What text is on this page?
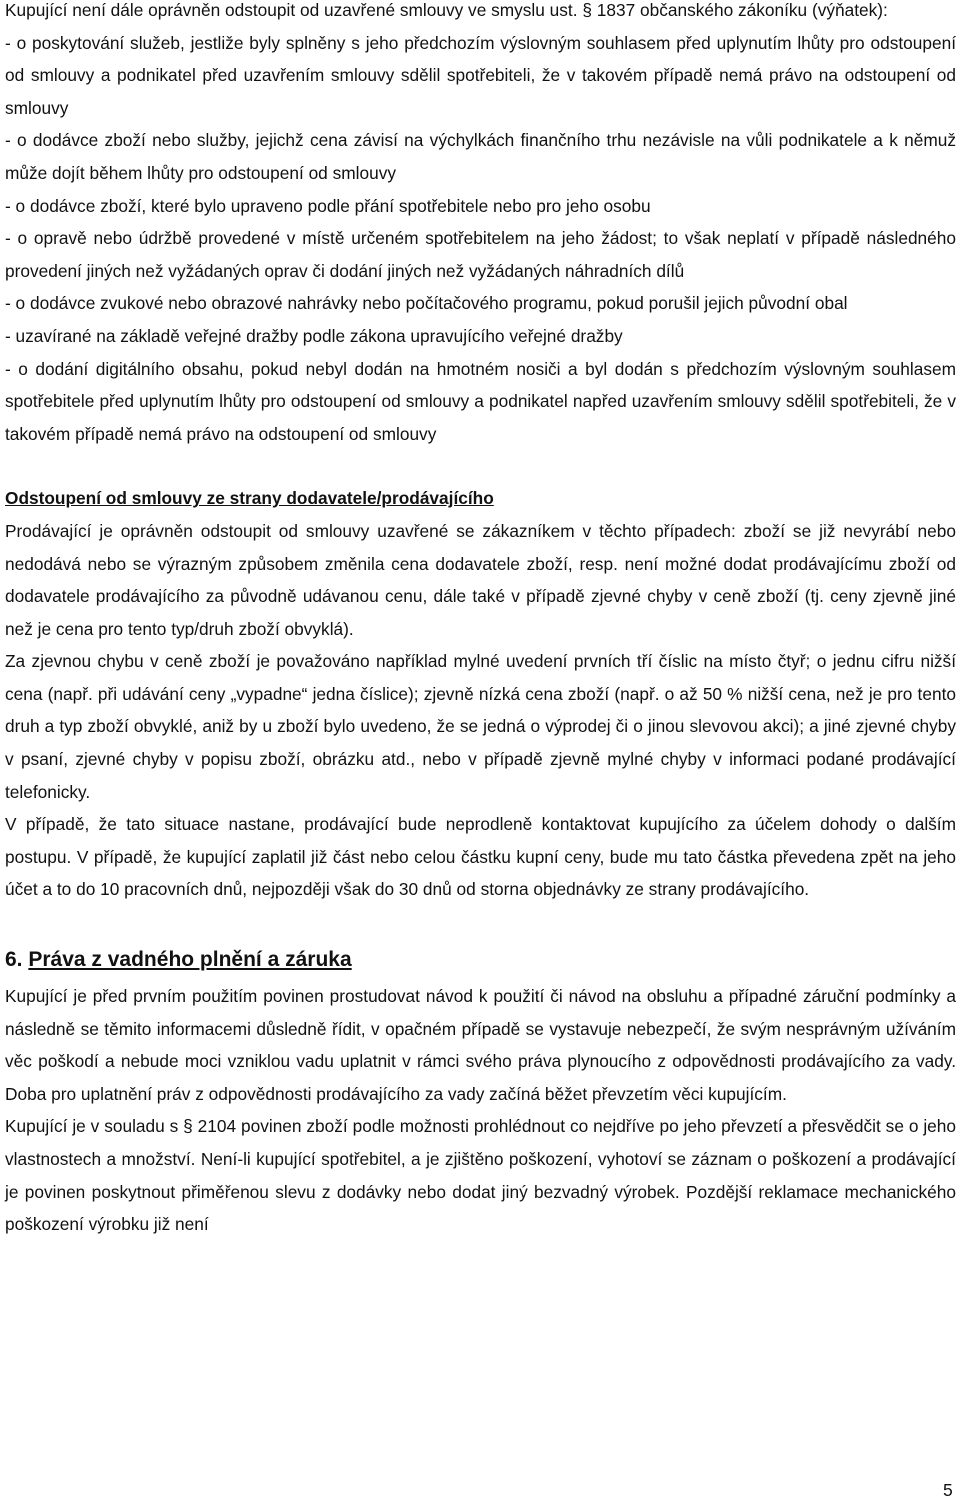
Kupující není dále oprávněn odstoupit od uzavřené smlouvy ve smyslu ust. § 1837 občanského zákoníku (výňatek):

- o poskytování služeb, jestliže byly splněny s jeho předchozím výslovným souhlasem před uplynutím lhůty pro odstoupení od smlouvy a podnikatel před uzavřením smlouvy sdělil spotřebiteli, že v takovém případě nemá právo na odstoupení od smlouvy

- o dodávce zboží nebo služby, jejichž cena závisí na výchylkách finančního trhu nezávisle na vůli podnikatele a k němuž může dojít během lhůty pro odstoupení od smlouvy

- o dodávce zboží, které bylo upraveno podle přání spotřebitele nebo pro jeho osobu

- o opravě nebo údržbě provedené v místě určeném spotřebitelem na jeho žádost; to však neplatí v případě následného provedení jiných než vyžádaných oprav či dodání jiných než vyžádaných náhradních dílů

- o dodávce zvukové nebo obrazové nahrávky nebo počítačového programu, pokud porušil jejich původní obal

- uzavírané na základě veřejné dražby podle zákona upravujícího veřejné dražby

- o dodání digitálního obsahu, pokud nebyl dodán na hmotném nosiči a byl dodán s předchozím výslovným souhlasem spotřebitele před uplynutím lhůty pro odstoupení od smlouvy a podnikatel napřed uzavřením smlouvy sdělil spotřebiteli, že v takovém případě nemá právo na odstoupení od smlouvy

Odstoupení od smlouvy ze strany dodavatele/prodávajícího

Prodávající je oprávněn odstoupit od smlouvy uzavřené se zákazníkem v těchto případech: zboží se již nevyrábí nebo nedodává nebo se výrazným způsobem změnila cena dodavatele zboží, resp. není možné dodat prodávajícímu zboží od dodavatele prodávajícího za původně udávanou cenu, dále také v případě zjevné chyby v ceně zboží (tj. ceny zjevně jiné než je cena pro tento typ/druh zboží obvyklá).

Za zjevnou chybu v ceně zboží je považováno například mylné uvedení prvních tří číslic na místo čtyř; o jednu cifru nižší cena (např. při udávání ceny „vypadne“ jedna číslice); zjevně nízká cena zboží (např. o až 50 % nižší cena, než je pro tento druh a typ zboží obvyklé, aniž by u zboží bylo uvedeno, že se jedná o výprodej či o jinou slevovou akci); a jiné zjevné chyby v psaní, zjevné chyby v popisu zboží, obrázku atd., nebo v případě zjevně mylné chyby v informaci podané prodávající telefonicky.

V případě, že tato situace nastane, prodávající bude neprodleně kontaktovat kupujícího za účelem dohody o dalším postupu. V případě, že kupující zaplatil již část nebo celou částku kupní ceny, bude mu tato částka převedena zpět na jeho účet a to do 10 pracovních dnů, nejpozději však do 30 dnů od storna objednávky ze strany prodávajícího.

6. Práva z vadného plnění a záruka

Kupující je před prvním použitím povinen prostudovat návod k použití či návod na obsluhu a případné záruční podmínky a následně se těmito informacemi důsledně řídit, v opačném případě se vystavuje nebezpečí, že svým nesprávným užíváním věc poškodí a nebude moci vzniklou vadu uplatnit v rámci svého práva plynoucího z odpovědnosti prodávajícího za vady. Doba pro uplatnění práv z odpovědnosti prodávajícího za vady začíná běžet převzetím věci kupujícím.

Kupující je v souladu s § 2104 povinen zboží podle možnosti prohlédnout co nejdříve po jeho převzetí a přesvědčit se o jeho vlastnostech a množství. Není-li kupující spotřebitel, a je zjištěno poškození, vyhotoví se záznam o poškození a prodávající je povinen poskytnout přiměřenou slevu z dodávky nebo dodat jiný bezvadný výrobek. Pozdější reklamace mechanického poškození výrobku již není

5
